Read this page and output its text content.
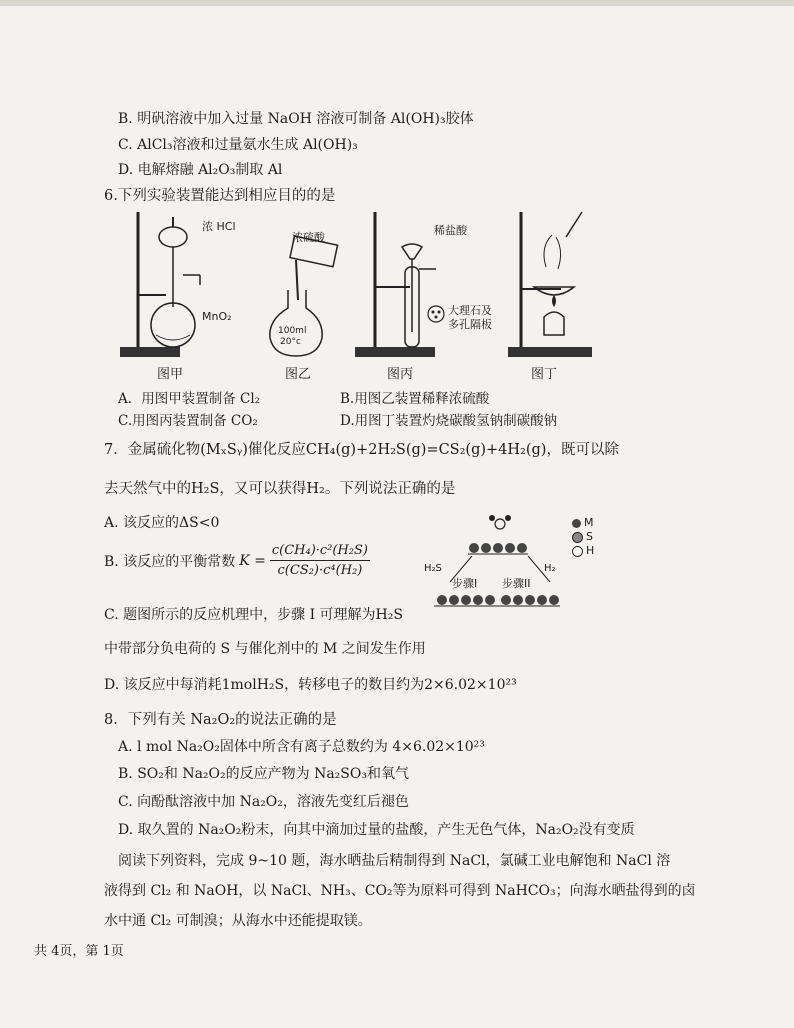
B. 明矾溶液中加入过量 NaOH 溶液可制备 Al(OH)₃胶体
C. AlCl₃溶液和过量氨水生成 Al(OH)₃
D. 电解熔融 Al₂O₃制取 Al
6.下列实验装置能达到相应目的的是
浓 HCl
MnO₂
图甲
浓硫酸
100ml
20°c
图乙
稀盐酸
大理石及
多孔隔板
图丙	图丁
A．用图甲装置制备 Cl₂	B.用图乙装置稀释浓硫酸
C.用图丙装置制备 CO₂	D.用图丁装置灼烧碳酸氢钠制碳酸钠
7．金属硫化物(MₓSᵧ)催化反应CH₄(g)+2H₂S(g)=CS₂(g)+4H₂(g)，既可以除
去天然气中的H₂S，又可以获得H₂。下列说法正确的是
A. 该反应的ΔS<0
B. 该反应的平衡常数 $K = \frac{\text{c(CH₄)·c²(H₂S)}}{\text{c(CS₂)·c⁴(H₂)}}$	H₂S	H₂
步骤I 步骤II
M
S
H
C. 题图所示的反应机理中，步骤 I 可理解为H₂S
中带部分负电荷的 S 与催化剂中的 M 之间发生作用
D. 该反应中每消耗1molH₂S，转移电子的数目约为2×6.02×10²³
8．下列有关 Na₂O₂的说法正确的是
A. l mol Na₂O₂固体中所含有离子总数约为 4×6.02×10²³
B. SO₂和 Na₂O₂的反应产物为 Na₂SO₃和氧气
C. 向酚酞溶液中加 Na₂O₂，溶液先变红后褪色
D. 取久置的 Na₂O₂粉末，向其中滴加过量的盐酸，产生无色气体，Na₂O₂没有变质
阅读下列资料，完成 9~10 题，海水晒盐后精制得到 NaCl，氯碱工业电解饱和 NaCl 溶
液得到 Cl₂ 和 NaOH，以 NaCl、NH₃、CO₂等为原料可得到 NaHCO₃；向海水晒盐得到的卤
水中通 Cl₂ 可制溴；从海水中还能提取镁。
共 4页，第 1页
